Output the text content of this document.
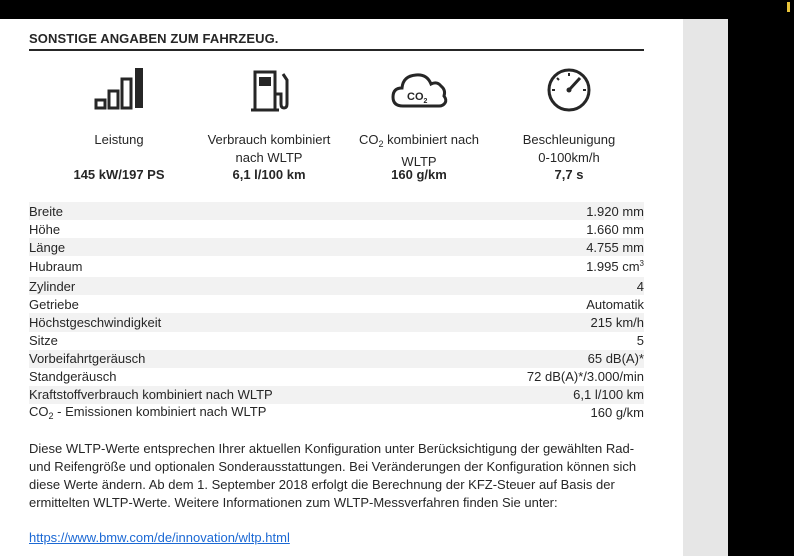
SONSTIGE ANGABEN ZUM FAHRZEUG.
Leistung
145 kW/197 PS
Verbrauch kombiniert
nach WLTP
6,1 l/100 km
$CO_2$
$CO_2$ kombiniert nach
WLTP
160 g/km
Beschleunigung
0-100km/h
7,7 s
Breite	1.920 mm
Höhe	1.660 mm
Länge	4.755 mm
Hubraum	1.995 $cm^3$
Zylinder	4
Getriebe	Automatik
Höchstgeschwindigkeit	215 km/h
Sitze	5
Vorbeifahrtgeräusch	65 dB(A)*
Standgeräusch	72 dB(A)*/3.000/min
Kraftstoffverbrauch kombiniert nach WLTP	6,1 l/100 km
$CO_2$ - Emissionen kombiniert nach WLTP	160 g/km
Diese WLTP-Werte entsprechen Ihrer aktuellen Konfiguration unter Berücksichtigung der gewählten Rad- und Reifengröße und optionalen Sonderausstattungen. Bei Veränderungen der Konfiguration können sich diese Werte ändern. Ab dem 1. September 2018 erfolgt die Berechnung der KFZ-Steuer auf Basis der ermittelten WLTP-Werte. Weitere Informationen zum WLTP-Messverfahren finden Sie unter:
https://www.bmw.com/de/innovation/wltp.html
